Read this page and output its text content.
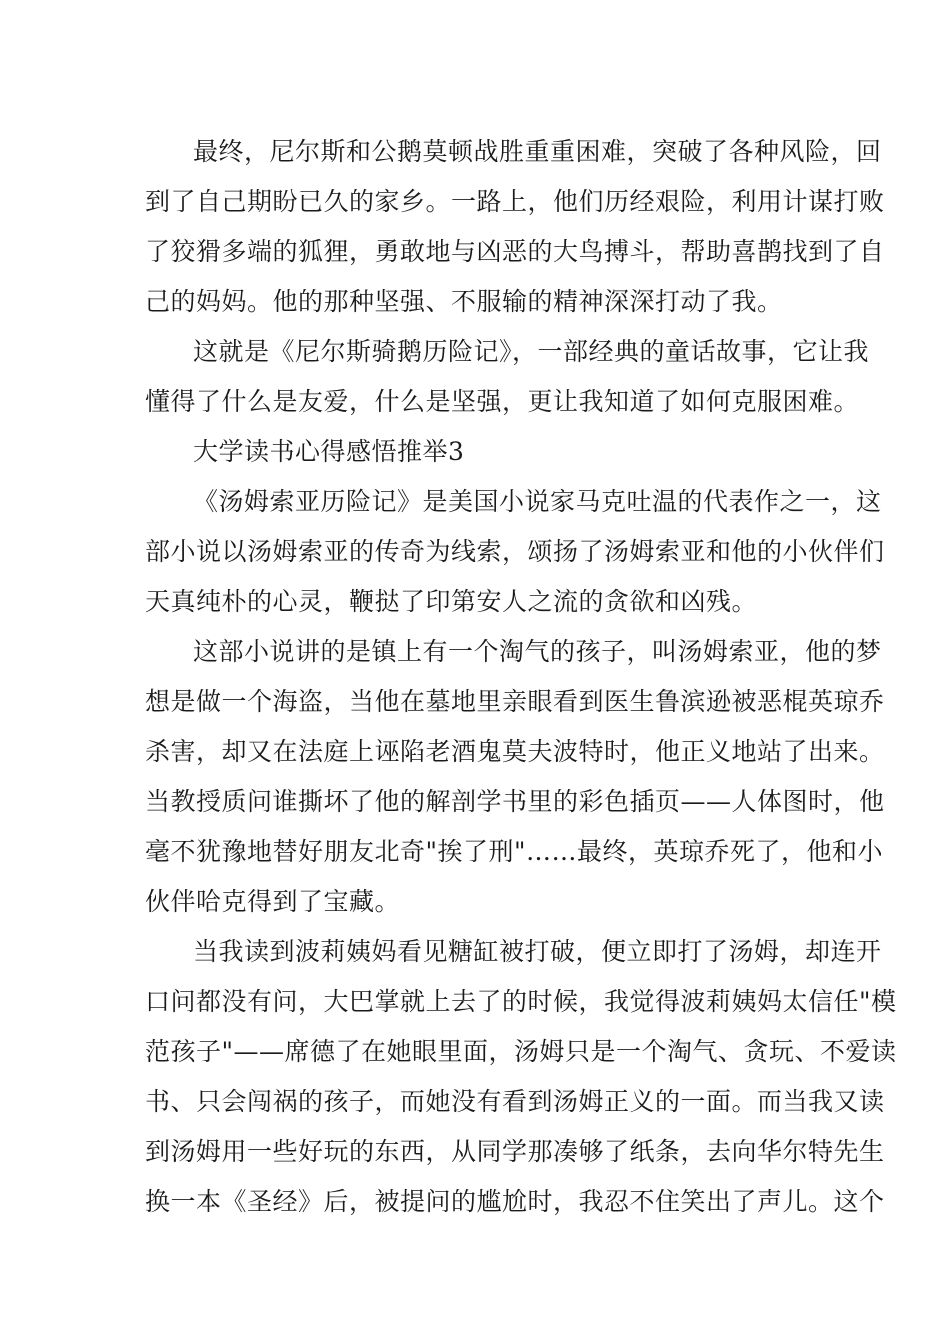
最终，尼尔斯和公鹅莫顿战胜重重困难，突破了各种风险，回
到了自己期盼已久的家乡。一路上，他们历经艰险，利用计谋打败
了狡猾多端的狐狸，勇敢地与凶恶的大鸟搏斗，帮助喜鹊找到了自
己的妈妈。他的那种坚强、不服输的精神深深打动了我。
这就是《尼尔斯骑鹅历险记》，一部经典的童话故事，它让我
懂得了什么是友爱，什么是坚强，更让我知道了如何克服困难。
大学读书心得感悟推举3
《汤姆索亚历险记》是美国小说家马克吐温的代表作之一，这
部小说以汤姆索亚的传奇为线索，颂扬了汤姆索亚和他的小伙伴们
天真纯朴的心灵，鞭挞了印第安人之流的贪欲和凶残。
这部小说讲的是镇上有一个淘气的孩子，叫汤姆索亚，他的梦
想是做一个海盗，当他在墓地里亲眼看到医生鲁滨逊被恶棍英琼乔
杀害，却又在法庭上诬陷老酒鬼莫夫波特时，他正义地站了出来。
当教授质问谁撕坏了他的解剖学书里的彩色插页——人体图时，他
毫不犹豫地替好朋友北奇"挨了刑"……最终，英琼乔死了，他和小
伙伴哈克得到了宝藏。
当我读到波莉姨妈看见糖缸被打破，便立即打了汤姆，却连开
口问都没有问，大巴掌就上去了的时候，我觉得波莉姨妈太信任"模
范孩子"——席德了在她眼里面，汤姆只是一个淘气、贪玩、不爱读
书、只会闯祸的孩子，而她没有看到汤姆正义的一面。而当我又读
到汤姆用一些好玩的东西，从同学那凑够了纸条，去向华尔特先生
换一本《圣经》后，被提问的尴尬时，我忍不住笑出了声儿。这个
